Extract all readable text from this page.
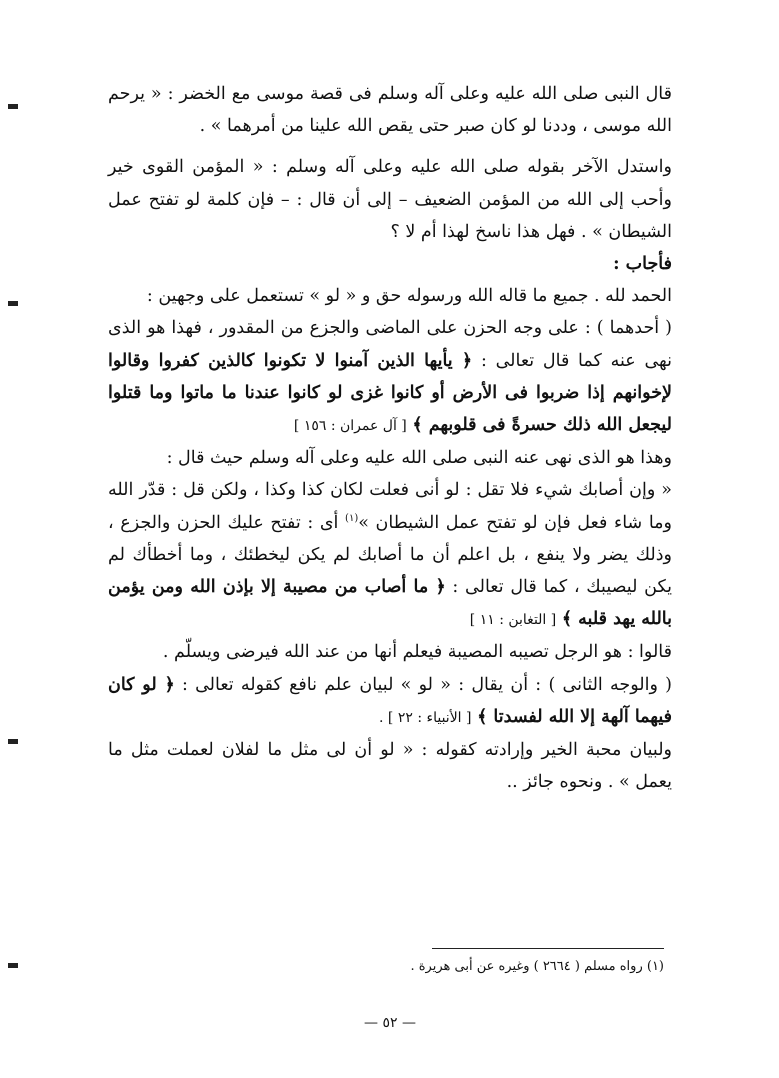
قال النبى صلى الله عليه وعلى آله وسلم فى قصة موسى مع الخضر : « يرحم الله موسى ، وددنا لو كان صبر حتى يقص الله علينا من أمرهما » .

واستدل الآخر بقوله صلى الله عليه وعلى آله وسلم : « المؤمن القوى خير وأحب إلى الله من المؤمن الضعيف – إلى أن قال : – فإن كلمة لو تفتح عمل الشيطان » . فهل هذا ناسخ لهذا أم لا ؟

فأجاب :

الحمد لله . جميع ما قاله الله ورسوله حق و « لو » تستعمل على وجهين :

( أحدهما ) : على وجه الحزن على الماضى والجزع من المقدور ، فهذا هو الذى نهى عنه كما قال تعالى : ﴿ يأيها الذين آمنوا لا تكونوا كالذين كفروا وقالوا لإخوانهم إذا ضربوا فى الأرض أو كانوا غزى لو كانوا عندنا ما ماتوا وما قتلوا ليجعل الله ذلك حسرةً فى قلوبهم ﴾ [ آل عمران : ١٥٦ ]

وهذا هو الذى نهى عنه النبى صلى الله عليه وعلى آله وسلم حيث قال :

« وإن أصابك شيء فلا تقل : لو أنى فعلت لكان كذا وكذا ، ولكن قل : قدّر الله وما شاء فعل فإن لو تفتح عمل الشيطان »$^{(١)}$ أى : تفتح عليك الحزن والجزع ، وذلك يضر ولا ينفع ، بل اعلم أن ما أصابك لم يكن ليخطئك ، وما أخطأك لم يكن ليصيبك ، كما قال تعالى : ﴿ ما أصاب من مصيبة إلا بإذن الله ومن يؤمن بالله يهد قلبه ﴾ [ التغابن : ١١ ]

قالوا : هو الرجل تصيبه المصيبة فيعلم أنها من عند الله فيرضى ويسلّم .

( والوجه الثانى ) : أن يقال : « لو » لبيان علم نافع كقوله تعالى : ﴿ لو كان فيهما آلهة إلا الله لفسدتا ﴾ [ الأنبياء : ٢٢ ] .

ولبيان محبة الخير وإرادته كقوله : « لو أن لى مثل ما لفلان لعملت مثل ما يعمل » . ونحوه جائز ..

(١) رواه مسلم ( ٢٦٦٤ ) وغيره عن أبى هريرة .
— ٥٢ —
